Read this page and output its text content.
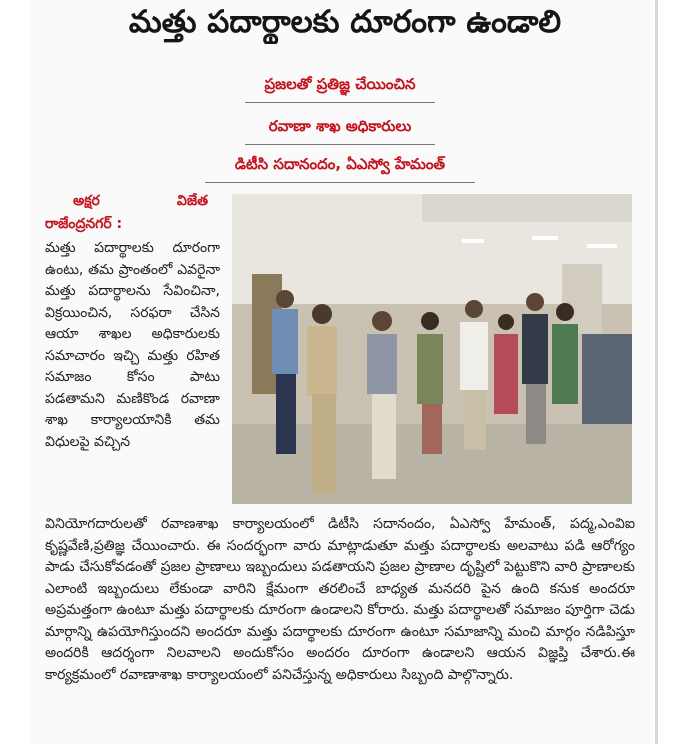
మత్తు పదార్థాలకు దూరంగా ఉండాలి
ప్రజలతో ప్రతిజ్ఞ చేయించిన
రవాణా శాఖ అధికారులు
డిటీసి సదానందం, ఏఎస్వో హేమంత్
అక్షర	విజేత
రాజేంద్రనగర్ :
మత్తు పదార్థాలకు దూరంగా ఉంటు, తమ ప్రాంతంలో ఎవరైనా మత్తు పదార్థాలను సేవించినా, విక్రయించిన, సరఫరా చేసిన ఆయా శాఖల అధికారులకు సమాచారం ఇచ్చి మత్తు రహిత సమాజం కోసం పాటు పడతామని మణికొండ రవాణా శాఖ కార్యాలయానికి తమ విధులపై వచ్చిన
వినియోగదారులతో రవాణశాఖ కార్యాలయంలో డిటీసి సదానందం, ఏఎస్వో హేమంత్, పద్మ,ఎంవిఐ కృష్ణవేణి,ప్రతిజ్ఞ చేయించారు. ఈ సందర్భంగా వారు మాట్లాడుతూ మత్తు పదార్థాలకు అలవాటు పడి ఆరోగ్యం పాడు చేసుకోవడంతో ప్రజల ప్రాణాలు ఇబ్బందులు పడతాయని ప్రజల ప్రాణాల దృష్టిలో పెట్టుకొని వారి ప్రాణాలకు ఎలాంటి ఇబ్బందులు లేకుండా వారిని క్షేమంగా తరలించే బాధ్యత మనదరి పైన ఉంది కనుక అందరూ అప్రమత్తంగా ఉంటూ మత్తు పదార్థాలకు దూరంగా ఉండాలని కోరారు. మత్తు పదార్థాలతో సమాజం పూర్తిగా చెడు మార్గాన్ని ఉపయోగిస్తుందని అందరూ మత్తు పదార్థాలకు దూరంగా ఉంటూ సమాజాన్ని మంచి మార్గం నడిపిస్తూ అందరికి ఆదర్శంగా నిలవాలని అందుకోసం అందరం దూరంగా ఉండాలని ఆయన విజ్ఞప్తి చేశారు.ఈ కార్యక్రమంలో రవాణాశాఖ కార్యాలయంలో పనిచేస్తున్న అధికారులు సిబ్బంది పాల్గొన్నారు.
